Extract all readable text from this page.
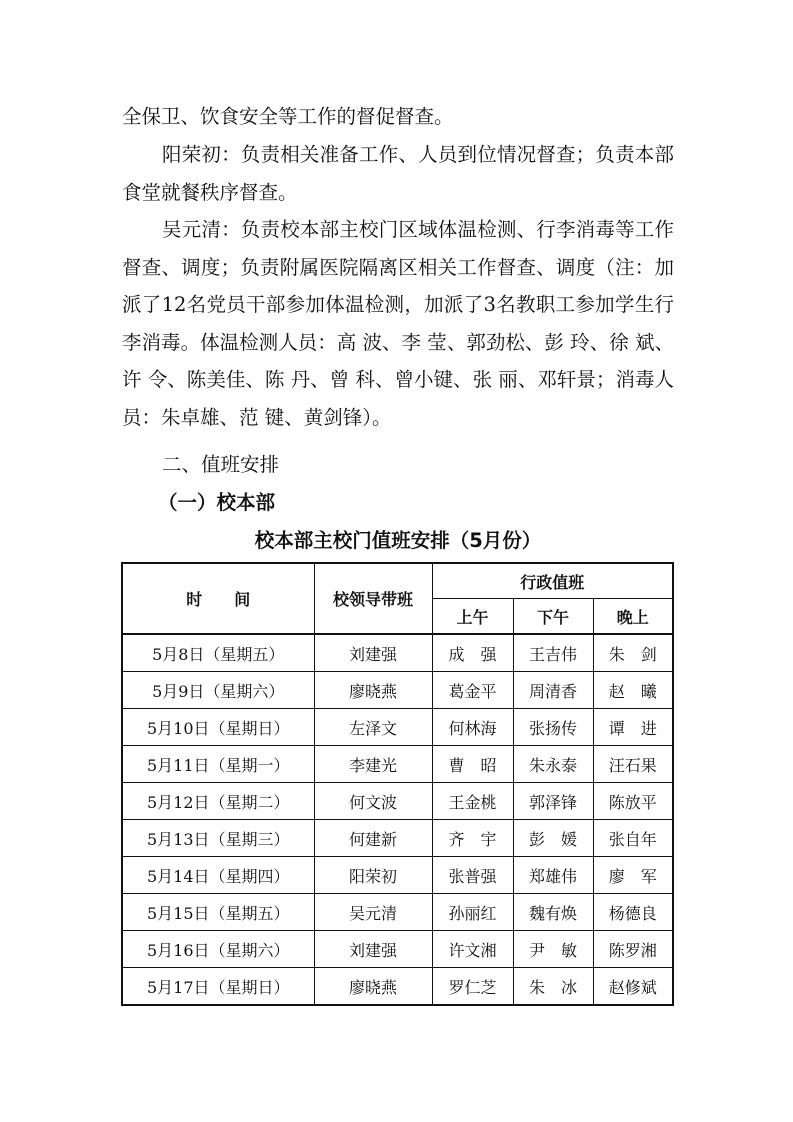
全保卫、饮食安全等工作的督促督查。

阳荣初：负责相关准备工作、人员到位情况督查；负责本部食堂就餐秩序督查。

吴元清：负责校本部主校门区域体温检测、行李消毒等工作督查、调度；负责附属医院隔离区相关工作督查、调度（注：加派了12名党员干部参加体温检测，加派了3名教职工参加学生行李消毒。体温检测人员：高 波、李 莹、郭劲松、彭 玲、徐 斌、许 令、陈美佳、陈 丹、曾 科、曾小键、张 丽、邓轩景；消毒人员：朱卓雄、范 键、黄剑锋）。

二、值班安排

（一）校本部

校本部主校门值班安排（5月份）

时　　间	校领导带班	行政值班		
		上午	下午	晚上
5月8日（星期五）	刘建强	成　强	王吉伟	朱　剑
5月9日（星期六）	廖晓燕	葛金平	周清香	赵　曦
5月10日（星期日）	左泽文	何林海	张扬传	谭　进
5月11日（星期一）	李建光	曹　昭	朱永泰	汪石果
5月12日（星期二）	何文波	王金桃	郭泽锋	陈放平
5月13日（星期三）	何建新	齐　宇	彭　媛	张自年
5月14日（星期四）	阳荣初	张普强	郑雄伟	廖　军
5月15日（星期五）	吴元清	孙丽红	魏有焕	杨德良
5月16日（星期六）	刘建强	许文湘	尹　敏	陈罗湘
5月17日（星期日）	廖晓燕	罗仁芝	朱　冰	赵修斌
